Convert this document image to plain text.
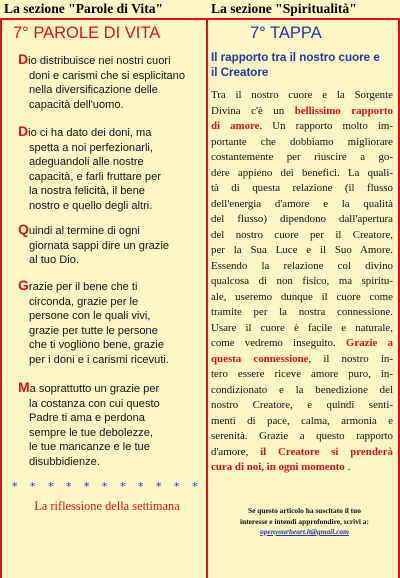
La sezione "Parole di Vita"	La sezione "Spiritualità"
7° PAROLE DI VITA	7° TAPPA
Dio distribuisce nei nostri cuori
doni e carismi che si esplicitano
nella diversificazione delle
capacità dell'uomo.
Dio ci ha dato dei doni, ma
spetta a noi perfezionarli,
adeguandoli alle nostre
capacità, e farli fruttare per
la nostra felicità, il bene
nostro e quello degli altri.
Quindi al termine di ogni
giornata sappi dire un grazie
al tuo Dio.
Grazie per il bene che ti
circonda, grazie per le
persone con le quali vivi,
grazie per tutte le persone
che ti vogliono bene, grazie
per i doni e i carismi ricevuti.
Ma soprattutto un grazie per
la costanza con cui questo
Padre ti ama e perdona
sempre le tue debolezze,
le tue mancanze e le tue
disubbidienze.
* * * * * * * * * * *
La riflessione della settimana
Il rapporto tra il nostro cuore e
il Creatore
Tra il nostro cuore e la Sorgente
Divina c'è un bellissimo rapporto
di amore. Un rapporto molto im-
portante che dobbiamo migliorare
costantemente per riuscire a go-
dere appieno dei benefici. La quali-
tà di questa relazione (il flusso
dell'energia d'amore e la qualità
del flusso) dipendono dall'apertura
del nostro cuore per il Creatore,
per la Sua Luce e il Suo Amore.
Essendo la relazione col divino
qualcosa di non fisico, ma spiritu-
ale, useremo dunque il cuore come
tramite per la nostra connessione.
Usare il cuore è facile e naturale,
come vedremo inseguito. Grazie a
questa connessione, il nostro in-
tero essere riceve amore puro, in-
condizionato e la benedizione del
nostro Creatore, e quindi senti-
menti di pace, calma, armonia e
serenità. Grazie a questo rapporto
d'amore, il Creatore si prenderà
cura di noi, in ogni momento .
Se questo articolo ha suscitato il tuo
interesse e intendi approfondire, scrivi a:
openyourheart.it@gmail.com
